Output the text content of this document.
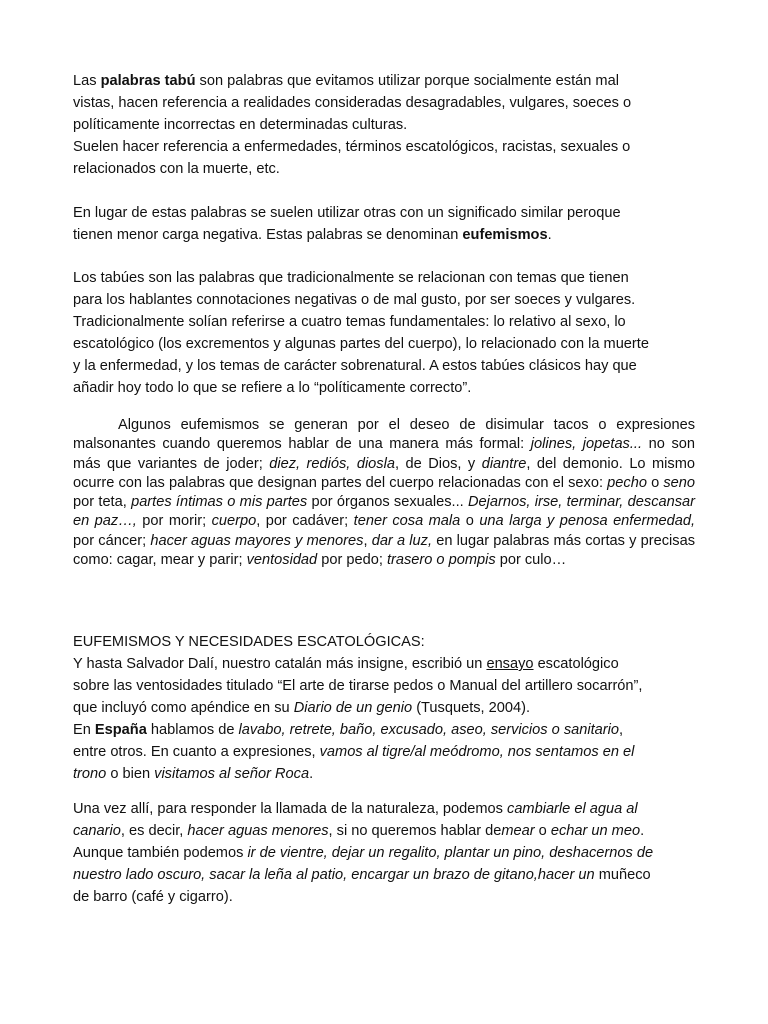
Las palabras tabú son palabras que evitamos utilizar porque socialmente están mal
vistas, hacen referencia a realidades consideradas desagradables, vulgares, soeces o
políticamente incorrectas en determinadas culturas.
Suelen hacer referencia a enfermedades, términos escatológicos, racistas, sexuales o
relacionados con la muerte, etc.
En lugar de estas palabras se suelen utilizar otras con un significado similar peroque
tienen menor carga negativa. Estas palabras se denominan eufemismos.
Los tabúes son las palabras que tradicionalmente se relacionan con temas que tienen
para los hablantes connotaciones negativas o de mal gusto, por ser soeces y vulgares.
Tradicionalmente solían referirse a cuatro temas fundamentales: lo relativo al sexo, lo
escatológico (los excrementos y algunas partes del cuerpo), lo relacionado con la muerte
y la enfermedad, y los temas de carácter sobrenatural. A estos tabúes clásicos hay que
añadir hoy todo lo que se refiere a lo “políticamente correcto”.

Algunos eufemismos se generan por el deseo de disimular tacos o expresiones malsonantes cuando queremos hablar de una manera más formal: jolines, jopetas... no son más que variantes de joder; diez, rediós, diosla, de Dios, y diantre, del demonio. Lo mismo ocurre con las palabras que designan partes del cuerpo relacionadas con el sexo: pecho o seno por teta, partes íntimas o mis partes por órganos sexuales... Dejarnos, irse, terminar, descansar en paz…, por morir; cuerpo, por cadáver; tener cosa mala o una larga y penosa enfermedad, por cáncer; hacer aguas mayores y menores, dar a luz, en lugar palabras más cortas y precisas como: cagar, mear y parir; ventosidad por pedo; trasero o pompis por culo…

EUFEMISMOS Y NECESIDADES ESCATOLÓGICAS:
Y hasta Salvador Dalí, nuestro catalán más insigne, escribió un ensayo escatológico
sobre las ventosidades titulado “El arte de tirarse pedos o Manual del artillero socarrón”,
que incluyó como apéndice en su Diario de un genio (Tusquets, 2004).
En España hablamos de lavabo, retrete, baño, excusado, aseo, servicios o sanitario,
entre otros. En cuanto a expresiones, vamos al tigre/al meódromo, nos sentamos en el
trono o bien visitamos al señor Roca.
Una vez allí, para responder la llamada de la naturaleza, podemos cambiarle el agua al
canario, es decir, hacer aguas menores, si no queremos hablar demear o echar un meo.
Aunque también podemos ir de vientre, dejar un regalito, plantar un pino, deshacernos de
nuestro lado oscuro, sacar la leña al patio, encargar un brazo de gitano,hacer un muñeco
de barro (café y cigarro).
